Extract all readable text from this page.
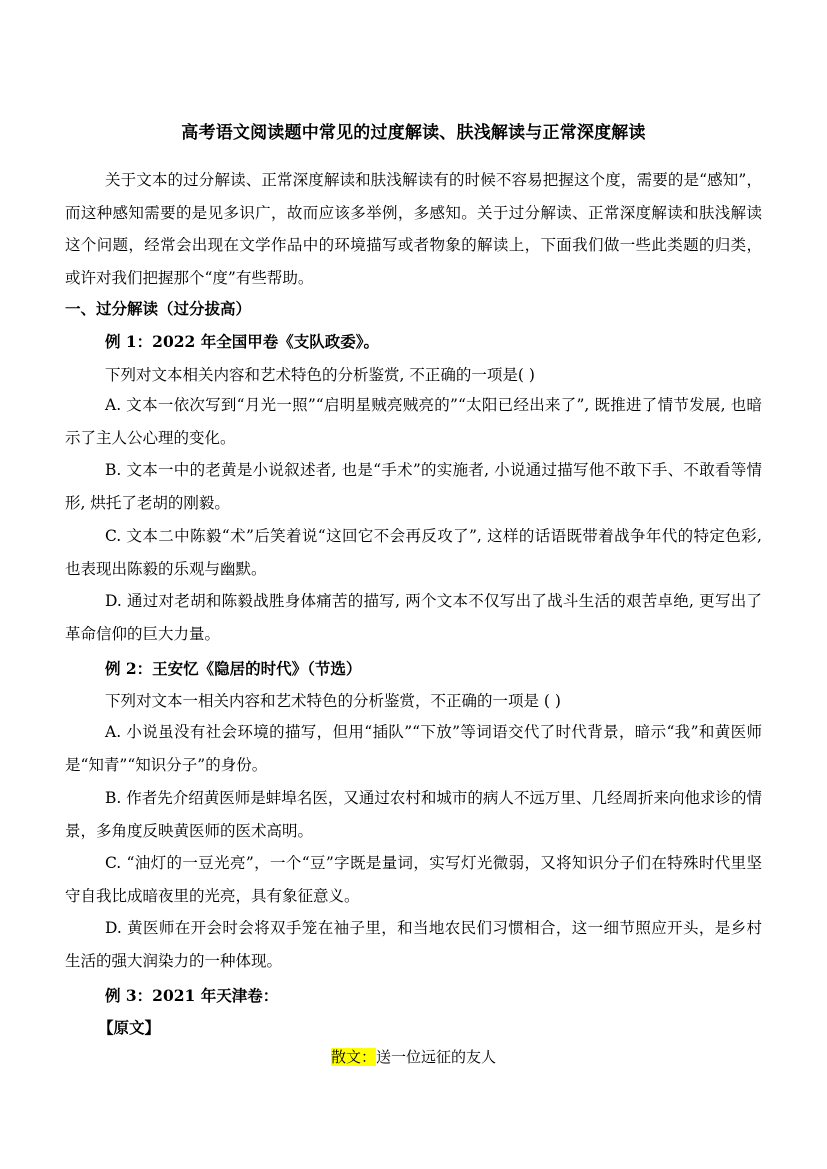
高考语文阅读题中常见的过度解读、肤浅解读与正常深度解读
关于文本的过分解读、正常深度解读和肤浅解读有的时候不容易把握这个度，需要的是“感知”，而这种感知需要的是见多识广，故而应该多举例，多感知。关于过分解读、正常深度解读和肤浅解读这个问题，经常会出现在文学作品中的环境描写或者物象的解读上，下面我们做一些此类题的归类，或许对我们把握那个“度”有些帮助。
一、过分解读（过分拔高）
例 1：2022 年全国甲卷《支队政委》。
下列对文本相关内容和艺术特色的分析鉴赏, 不正确的一项是( )
A. 文本一依次写到“月光一照”“启明星贼亮贼亮的”“太阳已经出来了”, 既推进了情节发展, 也暗示了主人公心理的变化。
B. 文本一中的老黄是小说叙述者, 也是“手术”的实施者, 小说通过描写他不敢下手、不敢看等情形, 烘托了老胡的刚毅。
C. 文本二中陈毅“术”后笑着说“这回它不会再反攻了”, 这样的话语既带着战争年代的特定色彩, 也表现出陈毅的乐观与幽默。
D. 通过对老胡和陈毅战胜身体痛苦的描写, 两个文本不仅写出了战斗生活的艰苦卓绝, 更写出了革命信仰的巨大力量。
例 2：王安忆《隐居的时代》（节选）
下列对文本一相关内容和艺术特色的分析鉴赏，不正确的一项是 ( )
A. 小说虽没有社会环境的描写，但用“插队”“下放”等词语交代了时代背景，暗示“我”和黄医师是“知青”“知识分子”的身份。
B. 作者先介绍黄医师是蚌埠名医，又通过农村和城市的病人不远万里、几经周折来向他求诊的情景，多角度反映黄医师的医术高明。
C. “油灯的一豆光亮”，一个“豆”字既是量词，实写灯光微弱，又将知识分子们在特殊时代里坚守自我比成暗夜里的光亮，具有象征意义。
D. 黄医师在开会时会将双手笼在袖子里，和当地农民们习惯相合，这一细节照应开头，是乡村生活的强大润染力的一种体现。
例 3：2021 年天津卷：
【原文】
散文：送一位远征的友人
